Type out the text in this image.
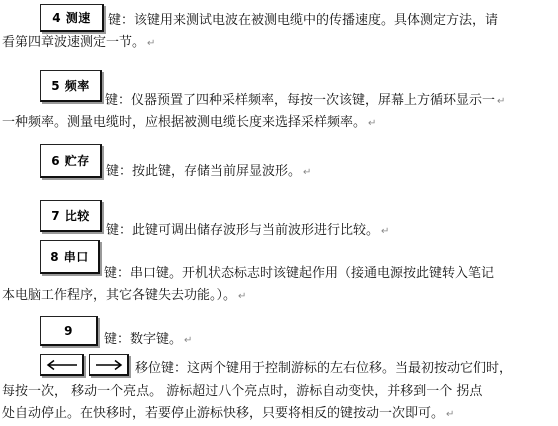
4 测速 键：该键用来测试电波在被测电缆中的传播速度。具体测定方法，请
看第四章波速测定一节。 ↵
5 频率
键：仪器预置了四种采样频率，每按一次该键，屏幕上方循环显示一 ↵
一种频率。测量电缆时，应根据被测电缆长度来选择采样频率。 ↵
6 贮存
键：按此键，存储当前屏显波形。 ↵
7 比较
键：此键可调出储存波形与当前波形进行比较。 ↵
8 串口
键：串口键。开机状态标志时该键起作用（接通电源按此键转入笔记
本电脑工作程序，其它各键失去功能。）。 ↵
9
键：数字键。 ↵
移位键：这两个键用于控制游标的左右位移。当最初按动它们时，
每按一次， 移动一个亮点。 游标超过八个亮点时，游标自动变快，并移到一个 拐点
处自动停止。在快移时，若要停止游标快移，只要将相反的键按动一次即可。 ↵
